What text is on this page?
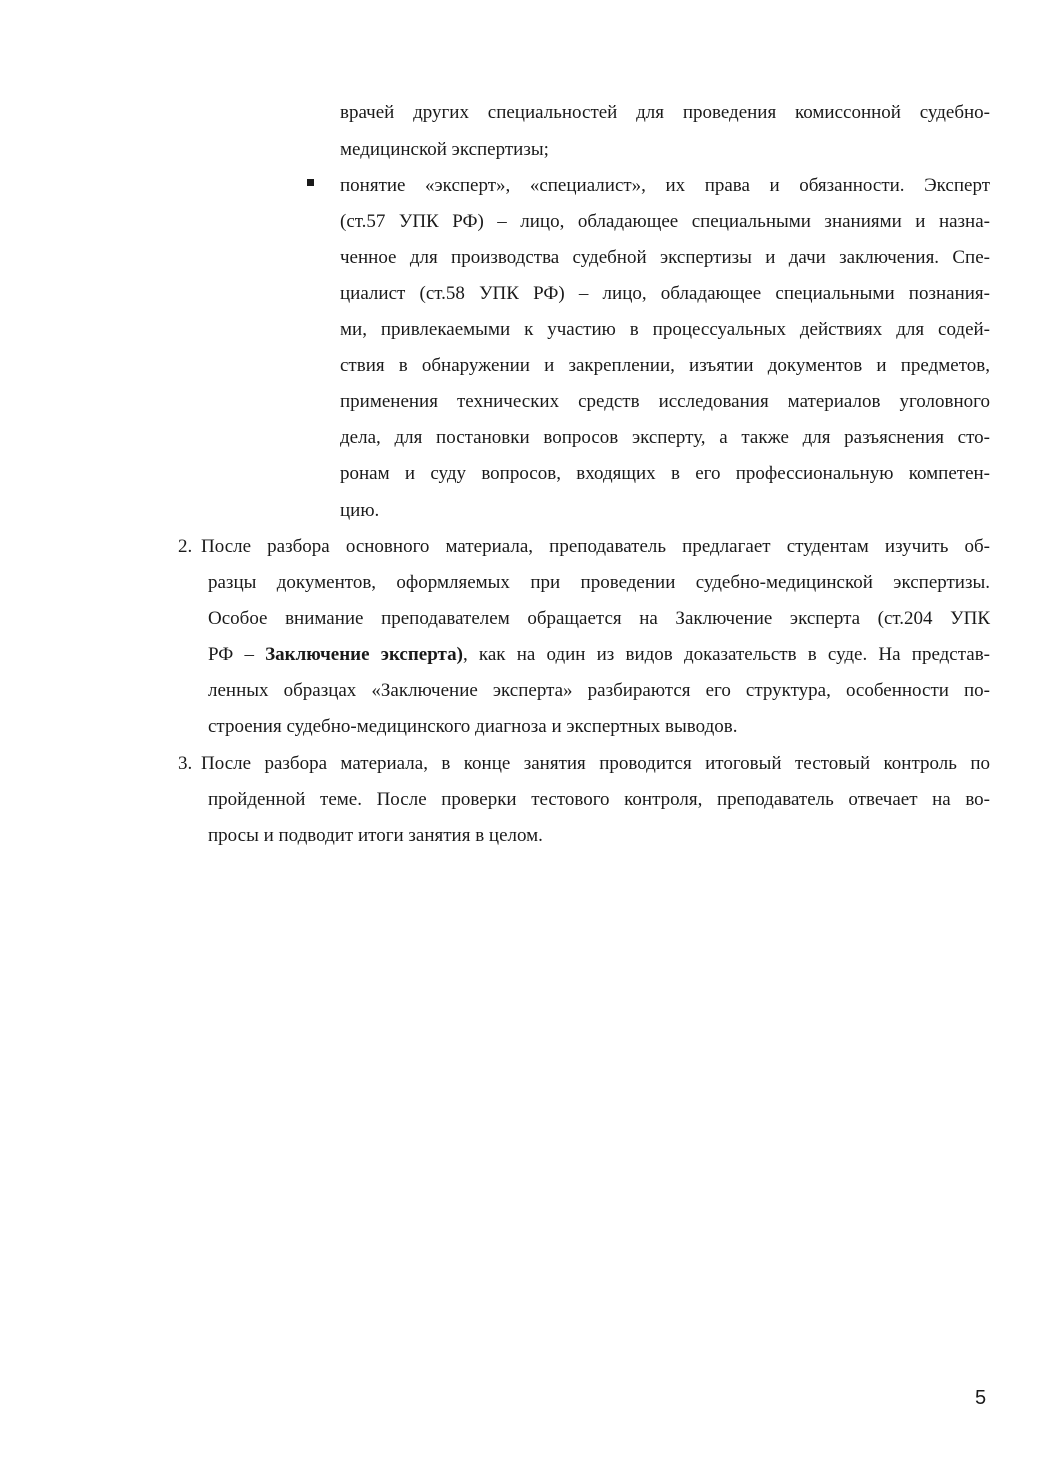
врачей других специальностей для проведения комиссонной судебно-
медицинской экспертизы;
понятие «эксперт», «специалист», их права и обязанности. Эксперт
(ст.57 УПК РФ) – лицо, обладающее специальными знаниями и назна-
ченное для производства судебной экспертизы и дачи заключения. Спе-
циалист (ст.58 УПК РФ) – лицо, обладающее специальными познания-
ми, привлекаемыми к участию в процессуальных действиях для содей-
ствия в обнаружении и закреплении, изъятии документов и предметов,
применения технических средств исследования материалов уголовного
дела, для постановки вопросов эксперту, а также для разъяснения сто-
ронам и суду вопросов, входящих в его профессиональную компетен-
цию.
2. После разбора основного материала, преподаватель предлагает студентам изучить об-
разцы документов, оформляемых при проведении судебно-медицинской экспертизы.
Особое внимание преподавателем обращается на Заключение эксперта (ст.204 УПК
РФ – Заключение эксперта), как на один из видов доказательств в суде. На представ-
ленных образцах «Заключение эксперта» разбираются его структура, особенности по-
строения судебно-медицинского диагноза и экспертных выводов.
3. После разбора материала, в конце занятия проводится итоговый тестовый контроль по
пройденной теме. После проверки тестового контроля, преподаватель отвечает на во-
просы и подводит итоги занятия в целом.
5
